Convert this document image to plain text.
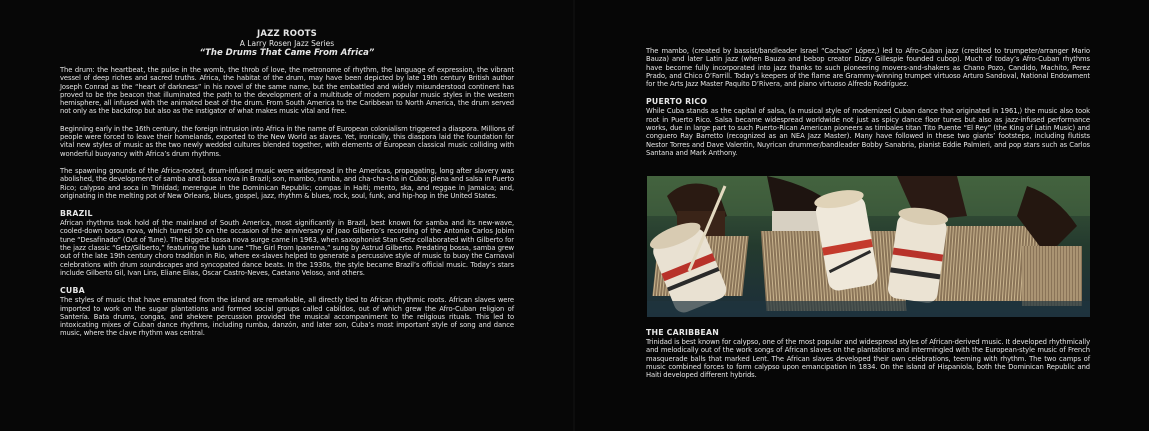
JAZZ ROOTS
A Larry Rosen Jazz Series
“The Drums That Came From Africa”

The drum: the heartbeat, the pulse in the womb, the throb of love, the metronome of rhythm, the language of expression, the vibrant vessel of deep riches and sacred truths. Africa, the habitat of the drum, may have been depicted by late 19th century British author Joseph Conrad as the “heart of darkness” in his novel of the same name, but the embattled and widely misunderstood continent has proved to be the beacon that illuminated the path to the development of a multitude of modern popular music styles in the western hemisphere, all infused with the animated beat of the drum. From South America to the Caribbean to North America, the drum served not only as the backdrop but also as the instigator of what makes music vital and free.

Beginning early in the 16th century, the foreign intrusion into Africa in the name of European colonialism triggered a diaspora. Millions of people were forced to leave their homelands, exported to the New World as slaves. Yet, ironically, this diaspora laid the foundation for vital new styles of music as the two newly wedded cultures blended together, with elements of European classical music colliding with wonderful buoyancy with Africa’s drum rhythms.

The spawning grounds of the Africa-rooted, drum-infused music were widespread in the Americas, propagating, long after slavery was abolished, the development of samba and bossa nova in Brazil; son, mambo, rumba, and cha-cha-cha in Cuba; plena and salsa in Puerto Rico; calypso and soca in Trinidad; merengue in the Dominican Republic; compas in Haiti; mento, ska, and reggae in Jamaica; and, originating in the melting pot of New Orleans, blues, gospel, jazz, rhythm & blues, rock, soul, funk, and hip-hop in the United States.

BRAZIL

African rhythms took hold of the mainland of South America, most significantly in Brazil, best known for samba and its new-wave, cooled-down bossa nova, which turned 50 on the occasion of the anniversary of Joao Gilberto’s recording of the Antonio Carlos Jobim tune “Desafinado” (Out of Tune). The biggest bossa nova surge came in 1963, when saxophonist Stan Getz collaborated with Gilberto for the jazz classic “Getz/Gilberto,” featuring the lush tune “The Girl From Ipanema,” sung by Astrud Gilberto. Predating bossa, samba grew out of the late 19th century choro tradition in Rio, where ex-slaves helped to generate a percussive style of music to buoy the Carnaval celebrations with drum soundscapes and syncopated dance beats. In the 1930s, the style became Brazil’s official music. Today’s stars include Gilberto Gil, Ivan Lins, Eliane Elias, Oscar Castro-Neves, Caetano Veloso, and others.

CUBA

The styles of music that have emanated from the island are remarkable, all directly tied to African rhythmic roots. African slaves were imported to work on the sugar plantations and formed social groups called cabildos, out of which grew the Afro-Cuban religion of Santería. Bata drums, congas, and shekere percussion provided the musical accompaniment to the religious rituals. This led to intoxicating mixes of Cuban dance rhythms, including rumba, danzón, and later son, Cuba’s most important style of song and dance music, where the clave rhythm was central.

The mambo, (created by bassist/bandleader Israel “Cachao” López,) led to Afro-Cuban jazz (credited to trumpeter/arranger Mario Bauza) and later Latin jazz (when Bauza and bebop creator Dizzy Gillespie founded cubop). Much of today’s Afro-Cuban rhythms have become fully incorporated into jazz thanks to such pioneering movers-and-shakers as Chano Pozo, Candido, Machito, Perez Prado, and Chico O’Farrill. Today’s keepers of the flame are Grammy-winning trumpet virtuoso Arturo Sandoval, National Endowment for the Arts Jazz Master Paquito D’Rivera, and piano virtuoso Alfredo Rodríguez.

PUERTO RICO

While Cuba stands as the capital of salsa, (a musical style of modernized Cuban dance that originated in 1961,) the music also took root in Puerto Rico. Salsa became widespread worldwide not just as spicy dance floor tunes but also as jazz-infused performance works, due in large part to such Puerto-Rican American pioneers as timbales titan Tito Puente “El Rey” (the King of Latin Music) and conguero Ray Barretto (recognized as an NEA Jazz Master). Many have followed in these two giants’ footsteps, including flutists Nestor Torres and Dave Valentin, Nuyrican drummer/bandleader Bobby Sanabria, pianist Eddie Palmieri, and pop stars such as Carlos Santana and Mark Anthony.

THE CARIBBEAN

Trinidad is best known for calypso, one of the most popular and widespread styles of African-derived music. It developed rhythmically and melodically out of the work songs of African slaves on the plantations and intermingled with the European-style music of French masquerade balls that marked Lent. The African slaves developed their own celebrations, teeming with rhythm. The two camps of music combined forces to form calypso upon emancipation in 1834. On the island of Hispaniola, both the Dominican Republic and Haiti developed different hybrids.
